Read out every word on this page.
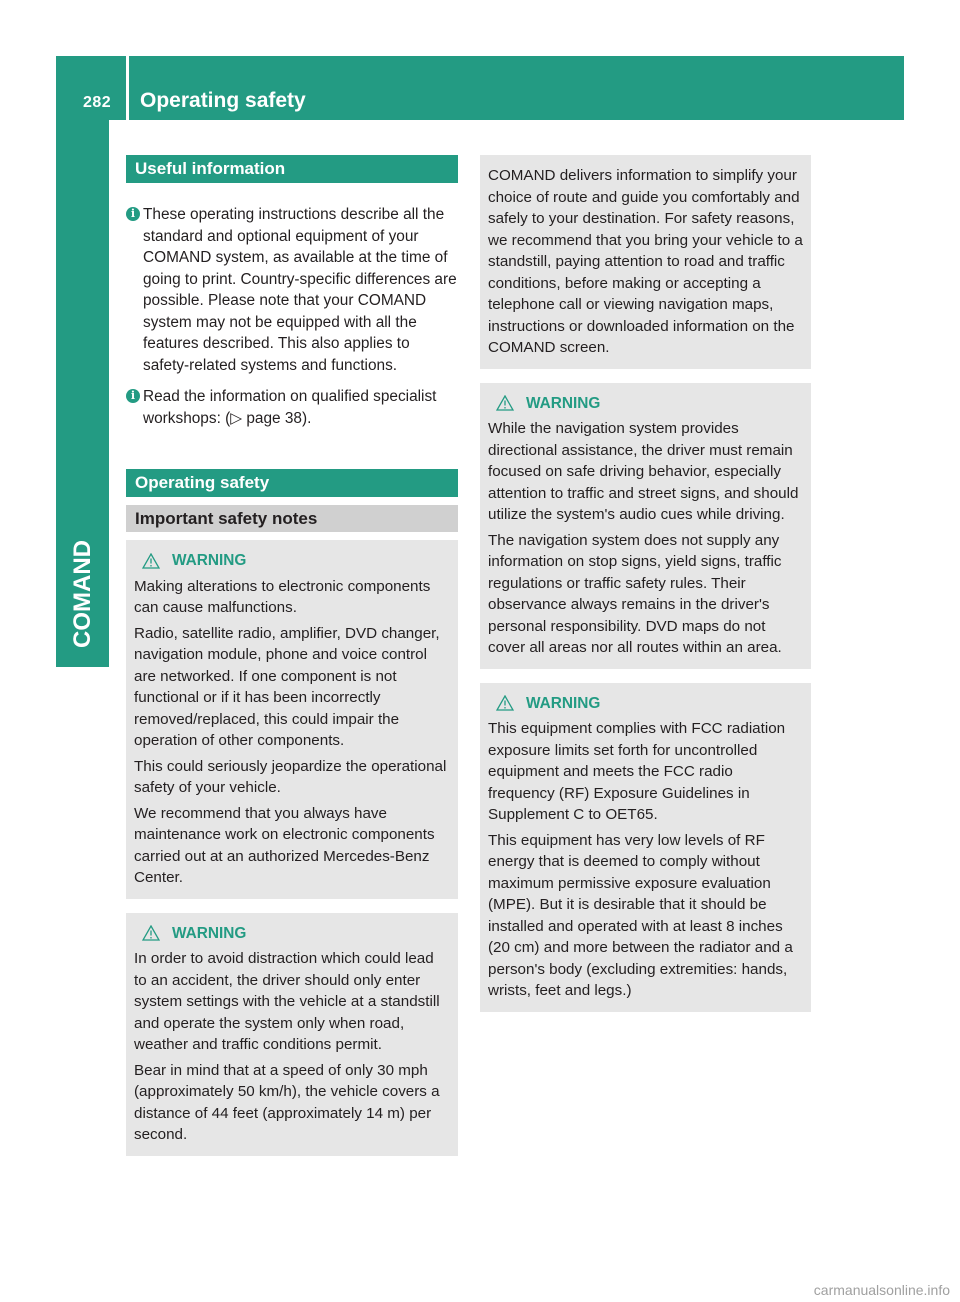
282 Operating safety
COMAND
Useful information
i These operating instructions describe all the standard and optional equipment of your COMAND system, as available at the time of going to print. Country-specific differences are possible. Please note that your COMAND system may not be equipped with all the features described. This also applies to safety-related systems and functions.
i Read the information on qualified specialist workshops: (▷ page 38).
Operating safety
Important safety notes
WARNING

Making alterations to electronic components can cause malfunctions.

Radio, satellite radio, amplifier, DVD changer, navigation module, phone and voice control are networked. If one component is not functional or if it has been incorrectly removed/replaced, this could impair the operation of other components.

This could seriously jeopardize the operational safety of your vehicle.

We recommend that you always have maintenance work on electronic components carried out at an authorized Mercedes-Benz Center.

WARNING

In order to avoid distraction which could lead to an accident, the driver should only enter system settings with the vehicle at a standstill and operate the system only when road, weather and traffic conditions permit.

Bear in mind that at a speed of only 30 mph (approximately 50 km/h), the vehicle covers a distance of 44 feet (approximately 14 m) per second.

COMAND delivers information to simplify your choice of route and guide you comfortably and safely to your destination. For safety reasons, we recommend that you bring your vehicle to a standstill, paying attention to road and traffic conditions, before making or accepting a telephone call or viewing navigation maps, instructions or downloaded information on the COMAND screen.

WARNING

While the navigation system provides directional assistance, the driver must remain focused on safe driving behavior, especially attention to traffic and street signs, and should utilize the system's audio cues while driving.

The navigation system does not supply any information on stop signs, yield signs, traffic regulations or traffic safety rules. Their observance always remains in the driver's personal responsibility. DVD maps do not cover all areas nor all routes within an area.

WARNING

This equipment complies with FCC radiation exposure limits set forth for uncontrolled equipment and meets the FCC radio frequency (RF) Exposure Guidelines in Supplement C to OET65.

This equipment has very low levels of RF energy that is deemed to comply without maximum permissive exposure evaluation (MPE). But it is desirable that it should be installed and operated with at least 8 inches (20 cm) and more between the radiator and a person's body (excluding extremities: hands, wrists, feet and legs.)

carmanualsonline.info
